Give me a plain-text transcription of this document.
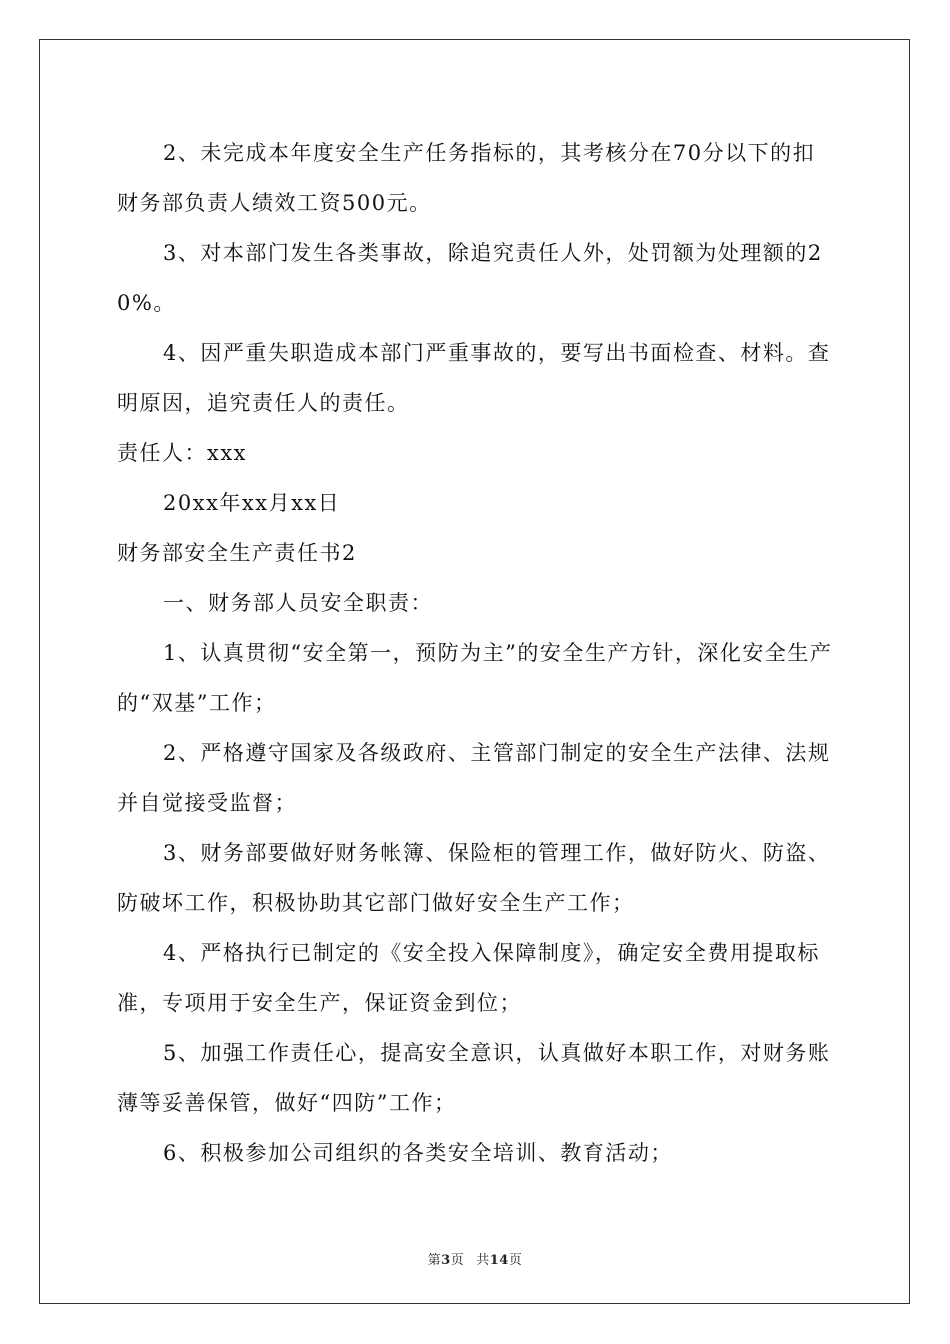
2、未完成本年度安全生产任务指标的，其考核分在70分以下的扣财务部负责人绩效工资500元。

3、对本部门发生各类事故，除追究责任人外，处罚额为处理额的20%。

4、因严重失职造成本部门严重事故的，要写出书面检查、材料。查明原因，追究责任人的责任。

责任人：xxx

20xx年xx月xx日

财务部安全生产责任书2

一、财务部人员安全职责：

1、认真贯彻“安全第一，预防为主”的安全生产方针，深化安全生产的“双基”工作；

2、严格遵守国家及各级政府、主管部门制定的安全生产法律、法规并自觉接受监督；

3、财务部要做好财务帐簿、保险柜的管理工作，做好防火、防盗、防破坏工作，积极协助其它部门做好安全生产工作；

4、严格执行已制定的《安全投入保障制度》，确定安全费用提取标准，专项用于安全生产，保证资金到位；

5、加强工作责任心，提高安全意识，认真做好本职工作，对财务账薄等妥善保管，做好“四防”工作；

6、积极参加公司组织的各类安全培训、教育活动；

第3页 共14页
